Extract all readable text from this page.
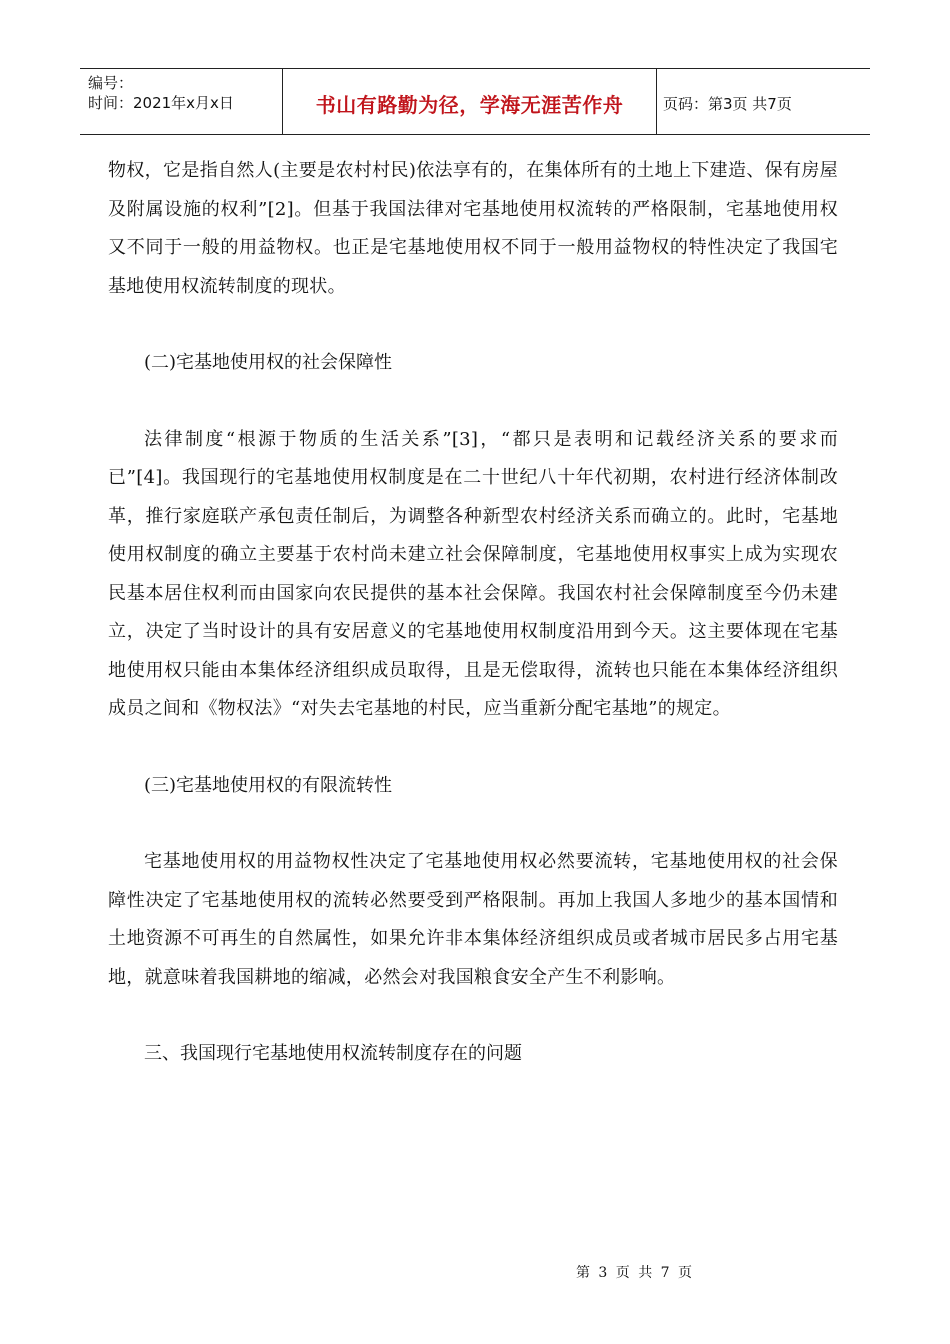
编号：
时间：2021年x月x日	书山有路勤为径，学海无涯苦作舟	页码：第3页 共7页

物权，它是指自然人(主要是农村村民)依法享有的，在集体所有的土地上下建造、保有房屋及附属设施的权利”[2]。但基于我国法律对宅基地使用权流转的严格限制，宅基地使用权又不同于一般的用益物权。也正是宅基地使用权不同于一般用益物权的特性决定了我国宅基地使用权流转制度的现状。

(二)宅基地使用权的社会保障性

法律制度“根源于物质的生活关系”[3]，“都只是表明和记载经济关系的要求而已”[4]。我国现行的宅基地使用权制度是在二十世纪八十年代初期，农村进行经济体制改革，推行家庭联产承包责任制后，为调整各种新型农村经济关系而确立的。此时，宅基地使用权制度的确立主要基于农村尚未建立社会保障制度，宅基地使用权事实上成为实现农民基本居住权利而由国家向农民提供的基本社会保障。我国农村社会保障制度至今仍未建立，决定了当时设计的具有安居意义的宅基地使用权制度沿用到今天。这主要体现在宅基地使用权只能由本集体经济组织成员取得，且是无偿取得，流转也只能在本集体经济组织成员之间和《物权法》“对失去宅基地的村民，应当重新分配宅基地”的规定。

(三)宅基地使用权的有限流转性

宅基地使用权的用益物权性决定了宅基地使用权必然要流转，宅基地使用权的社会保障性决定了宅基地使用权的流转必然要受到严格限制。再加上我国人多地少的基本国情和土地资源不可再生的自然属性，如果允许非本集体经济组织成员或者城市居民多占用宅基地，就意味着我国耕地的缩减，必然会对我国粮食安全产生不利影响。

三、我国现行宅基地使用权流转制度存在的问题

第 3 页 共 7 页
